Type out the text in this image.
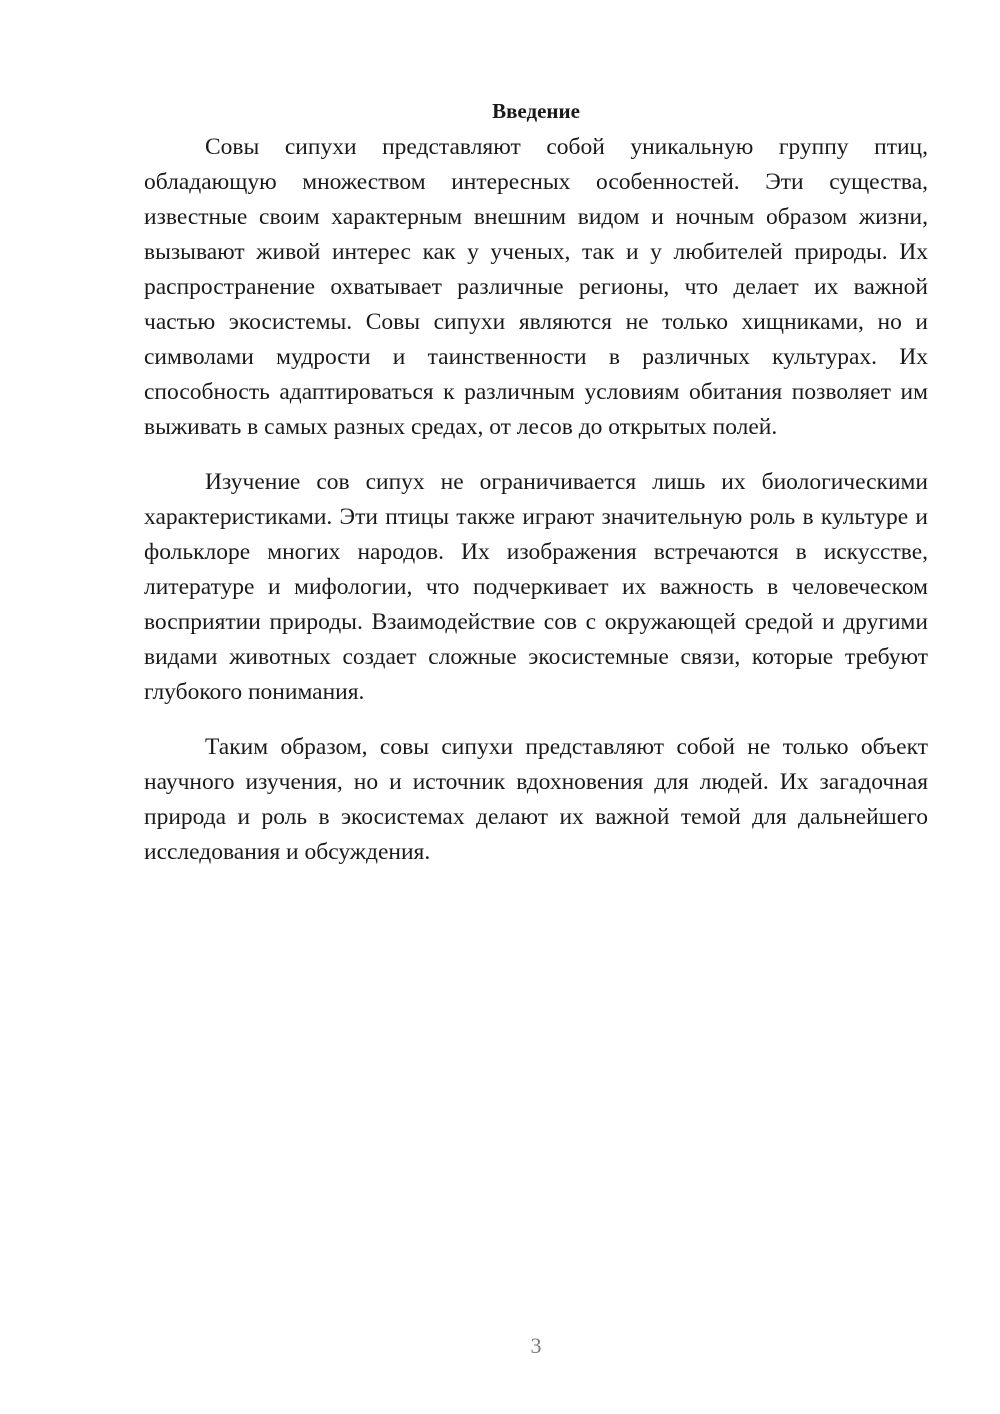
Введение

Совы сипухи представляют собой уникальную группу птиц, обладающую множеством интересных особенностей. Эти существа, известные своим характерным внешним видом и ночным образом жизни, вызывают живой интерес как у ученых, так и у любителей природы. Их распространение охватывает различные регионы, что делает их важной частью экосистемы. Совы сипухи являются не только хищниками, но и символами мудрости и таинственности в различных культурах. Их способность адаптироваться к различным условиям обитания позволяет им выживать в самых разных средах, от лесов до открытых полей.

Изучение сов сипух не ограничивается лишь их биологическими характеристиками. Эти птицы также играют значительную роль в культуре и фольклоре многих народов. Их изображения встречаются в искусстве, литературе и мифологии, что подчеркивает их важность в человеческом восприятии природы. Взаимодействие сов с окружающей средой и другими видами животных создает сложные экосистемные связи, которые требуют глубокого понимания.

Таким образом, совы сипухи представляют собой не только объект научного изучения, но и источник вдохновения для людей. Их загадочная природа и роль в экосистемах делают их важной темой для дальнейшего исследования и обсуждения.

3
